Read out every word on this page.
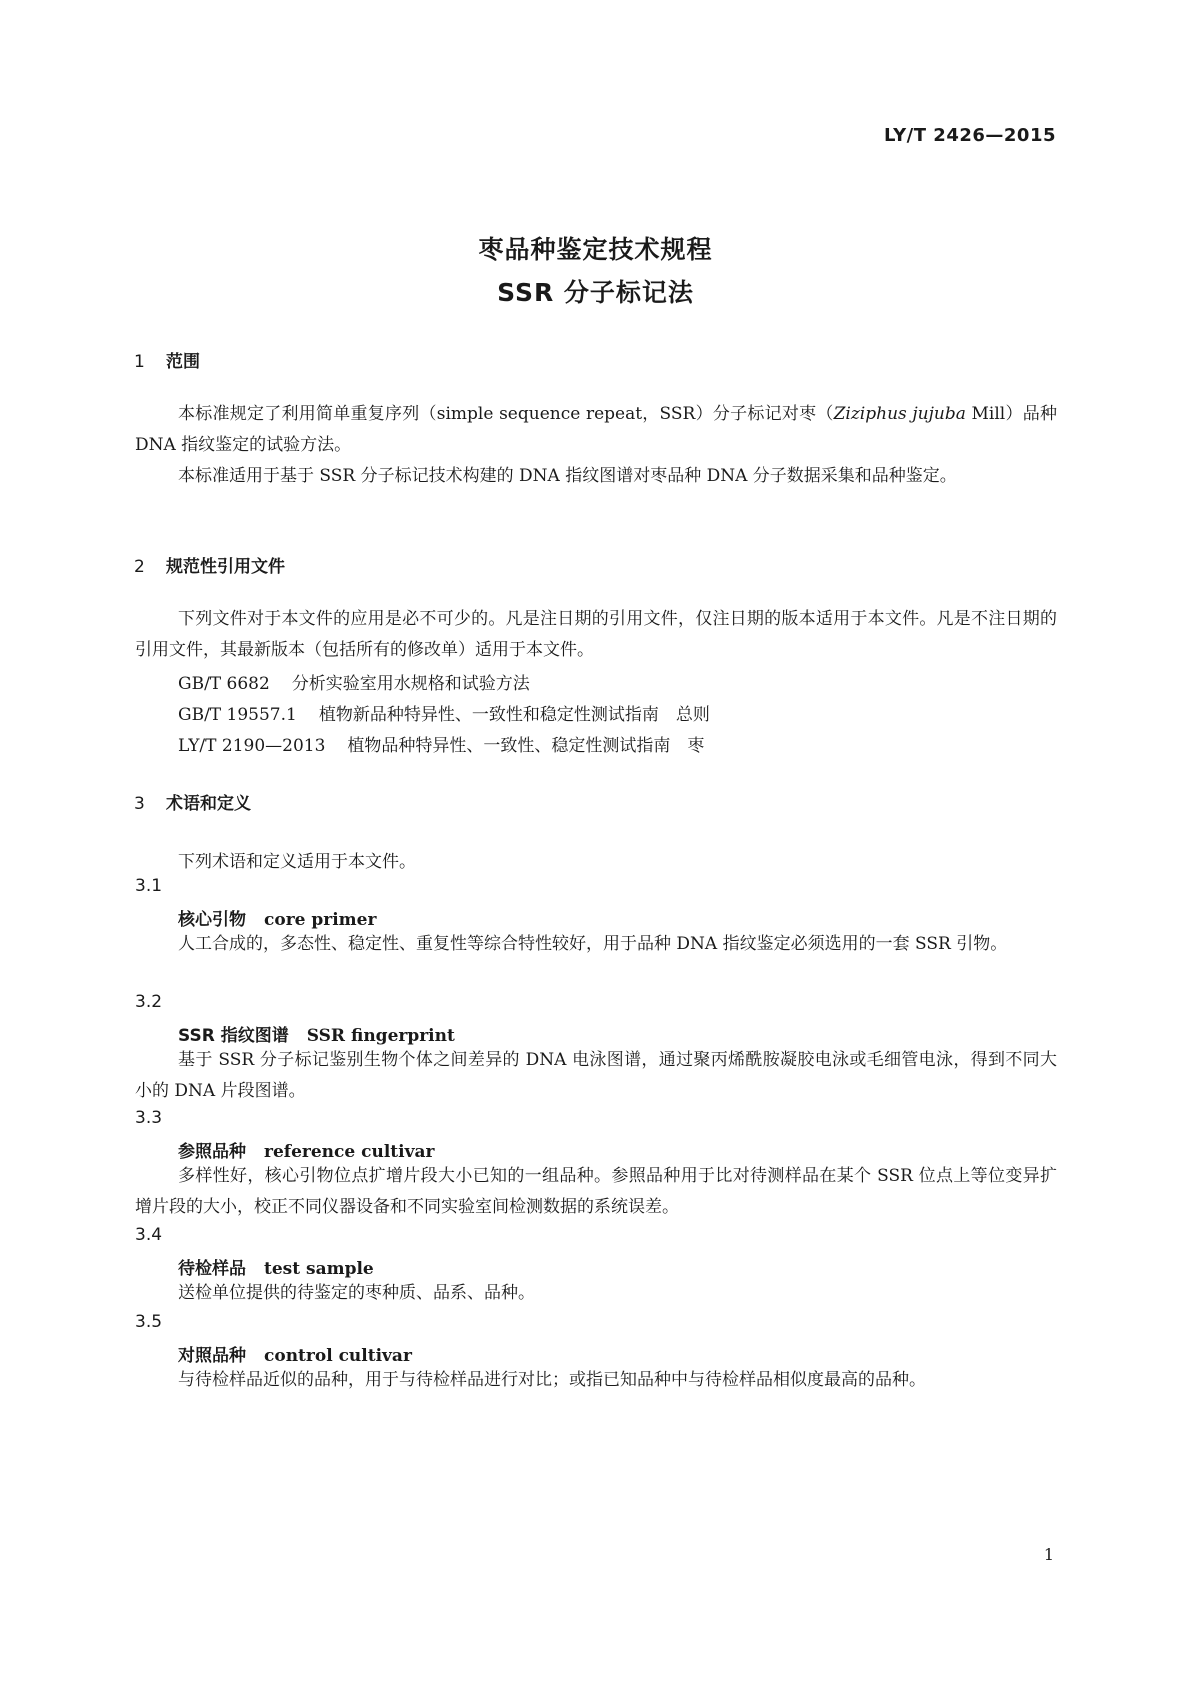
LY/T 2426—2015
枣品种鉴定技术规程
SSR 分子标记法
1 范围

本标准规定了利用简单重复序列（simple sequence repeat，SSR）分子标记对枣（Ziziphus jujuba Mill）品种 DNA 指纹鉴定的试验方法。

本标准适用于基于 SSR 分子标记技术构建的 DNA 指纹图谱对枣品种 DNA 分子数据采集和品种鉴定。

2 规范性引用文件

下列文件对于本文件的应用是必不可少的。凡是注日期的引用文件，仅注日期的版本适用于本文件。凡是不注日期的引用文件，其最新版本（包括所有的修改单）适用于本文件。

GB/T 6682 分析实验室用水规格和试验方法
GB/T 19557.1 植物新品种特异性、一致性和稳定性测试指南　总则
LY/T 2190—2013 植物品种特异性、一致性、稳定性测试指南　枣
3 术语和定义
下列术语和定义适用于本文件。
3.1
核心引物 core primer

人工合成的，多态性、稳定性、重复性等综合特性较好，用于品种 DNA 指纹鉴定必须选用的一套 SSR 引物。

3.2
SSR 指纹图谱 SSR fingerprint

基于 SSR 分子标记鉴别生物个体之间差异的 DNA 电泳图谱，通过聚丙烯酰胺凝胶电泳或毛细管电泳，得到不同大小的 DNA 片段图谱。

3.3
参照品种 reference cultivar

多样性好，核心引物位点扩增片段大小已知的一组品种。参照品种用于比对待测样品在某个 SSR 位点上等位变异扩增片段的大小，校正不同仪器设备和不同实验室间检测数据的系统误差。

3.4
待检样品 test sample

送检单位提供的待鉴定的枣种质、品系、品种。

3.5
对照品种 control cultivar

与待检样品近似的品种，用于与待检样品进行对比；或指已知品种中与待检样品相似度最高的品种。

1
